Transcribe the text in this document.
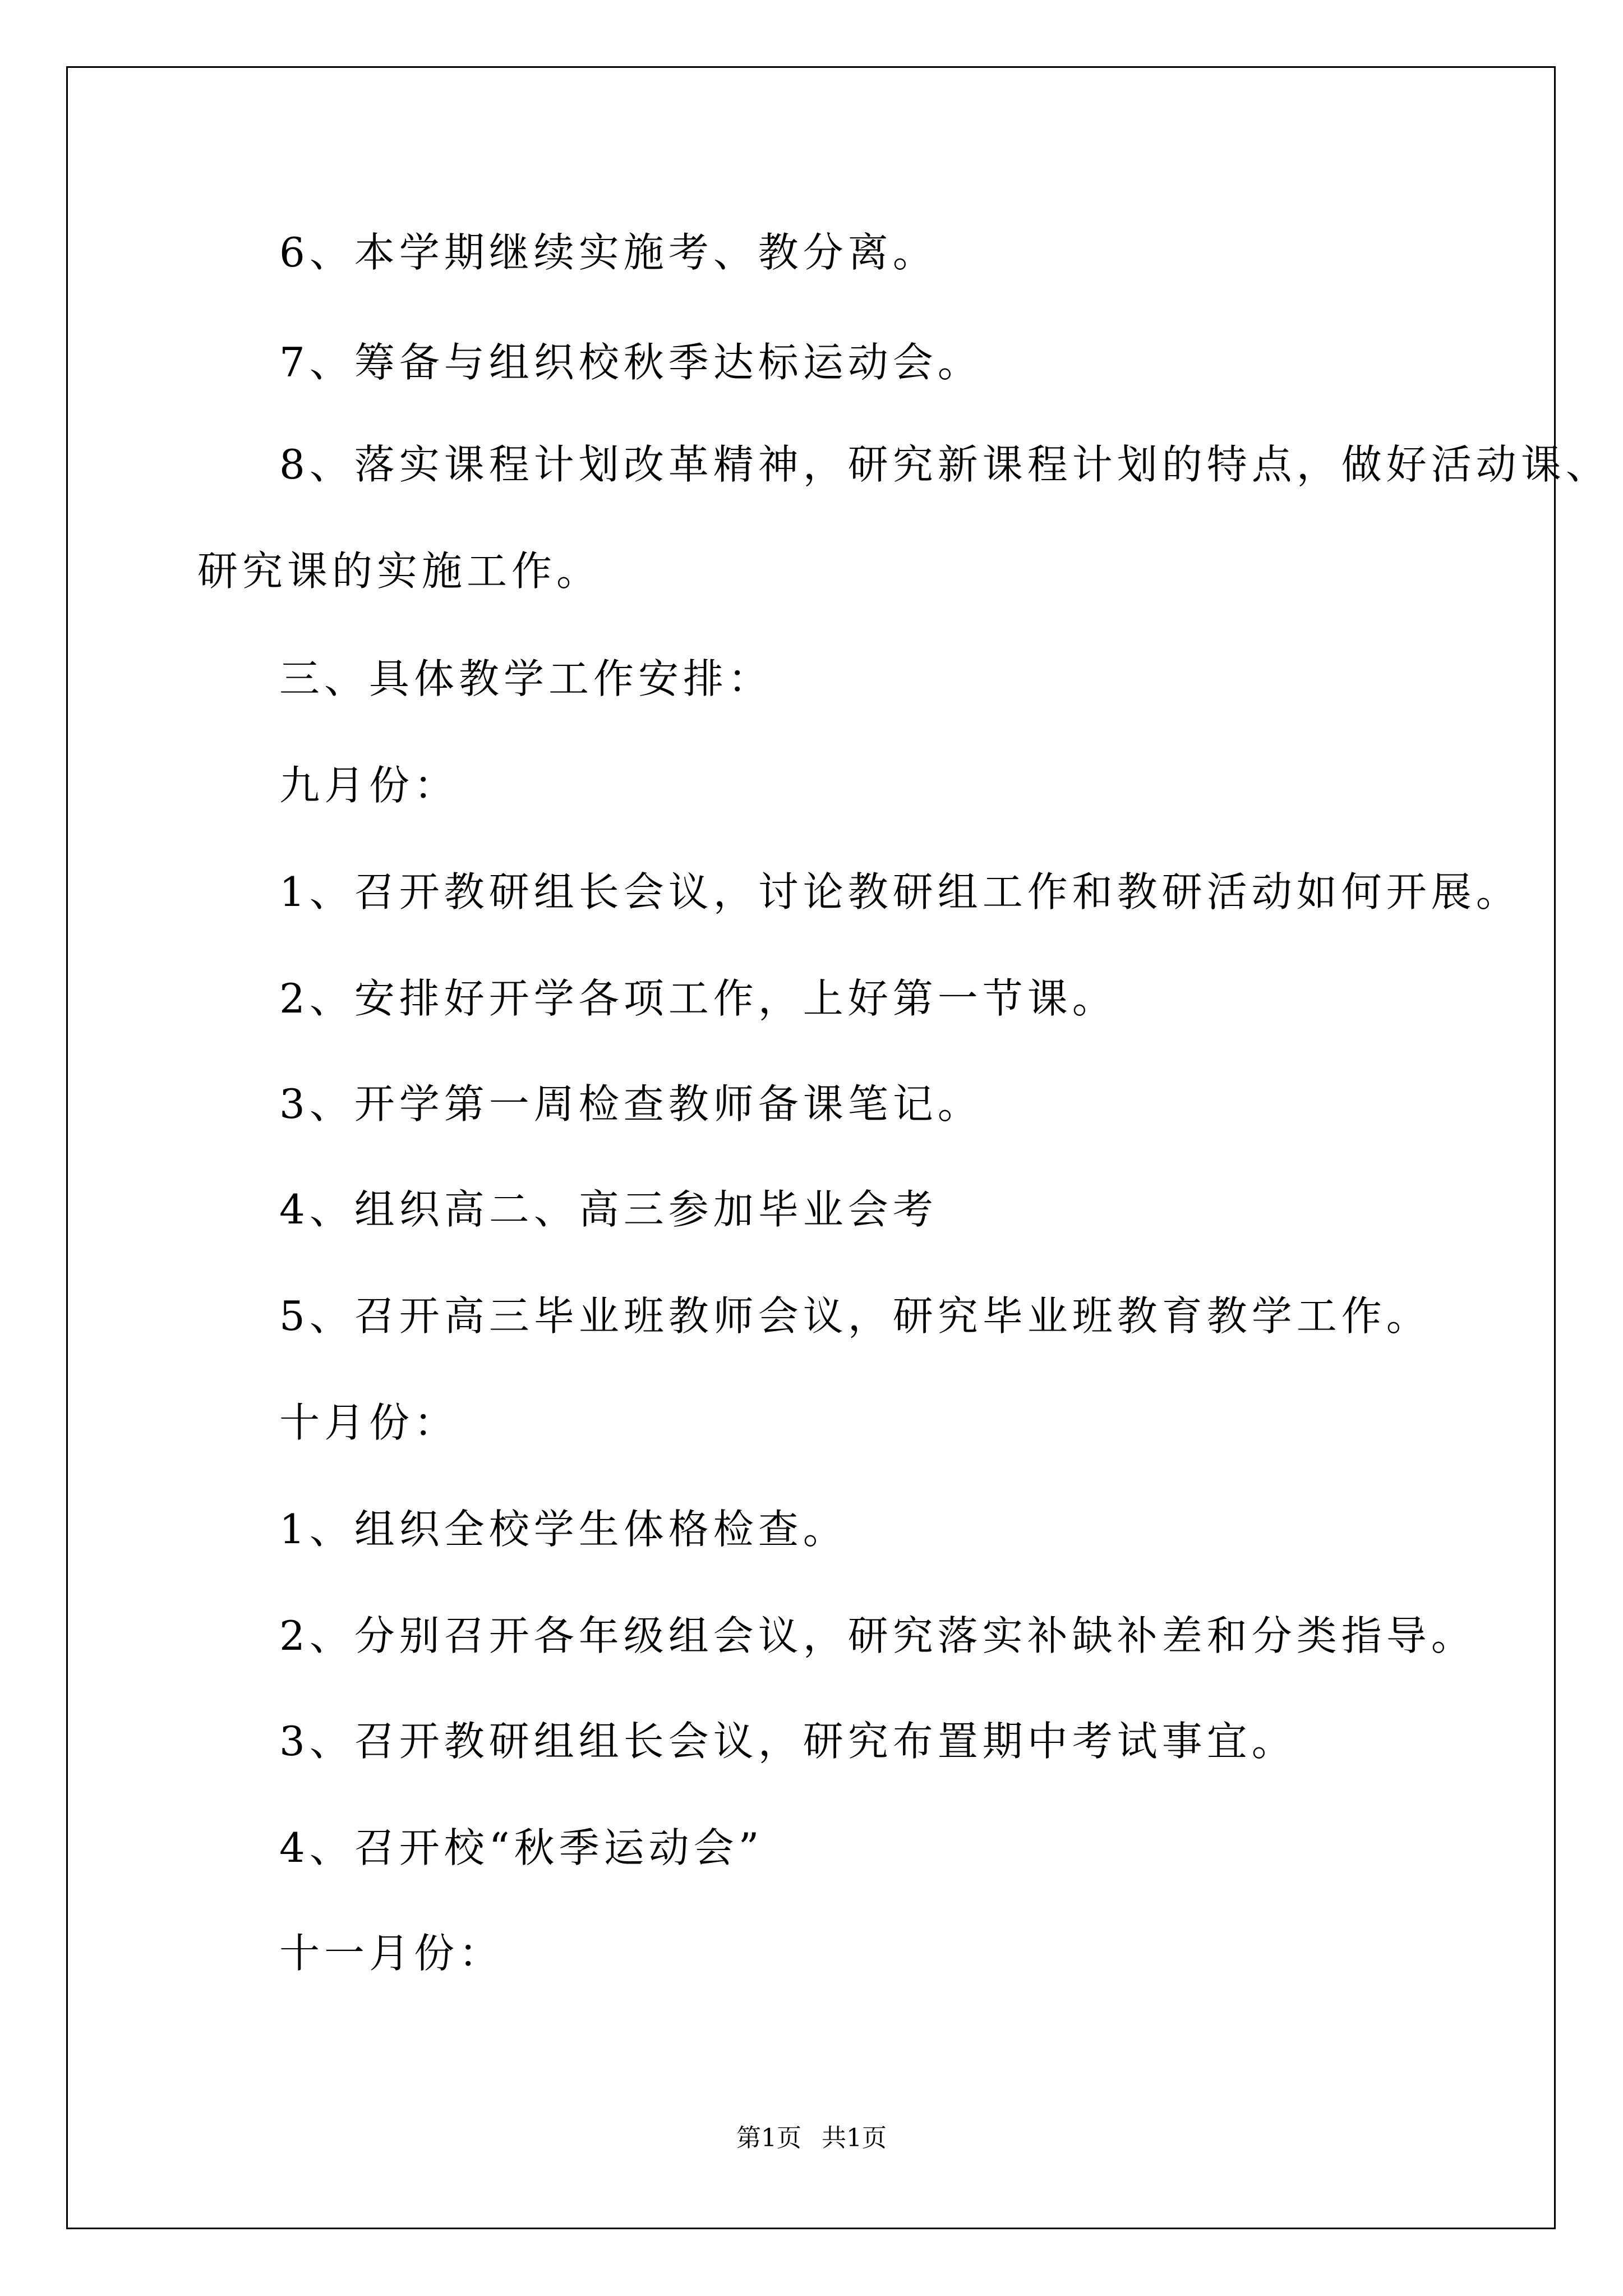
6、本学期继续实施考、教分离。
7、筹备与组织校秋季达标运动会。
8、落实课程计划改革精神，研究新课程计划的特点，做好活动课、
研究课的实施工作。
三、具体教学工作安排：
九月份：
1、召开教研组长会议，讨论教研组工作和教研活动如何开展。
2、安排好开学各项工作，上好第一节课。
3、开学第一周检查教师备课笔记。
4、组织高二、高三参加毕业会考
5、召开高三毕业班教师会议，研究毕业班教育教学工作。
十月份：
1、组织全校学生体格检查。
2、分别召开各年级组会议，研究落实补缺补差和分类指导。
3、召开教研组组长会议，研究布置期中考试事宜。
4、召开校“秋季运动会”
十一月份：
第1页 共1页
